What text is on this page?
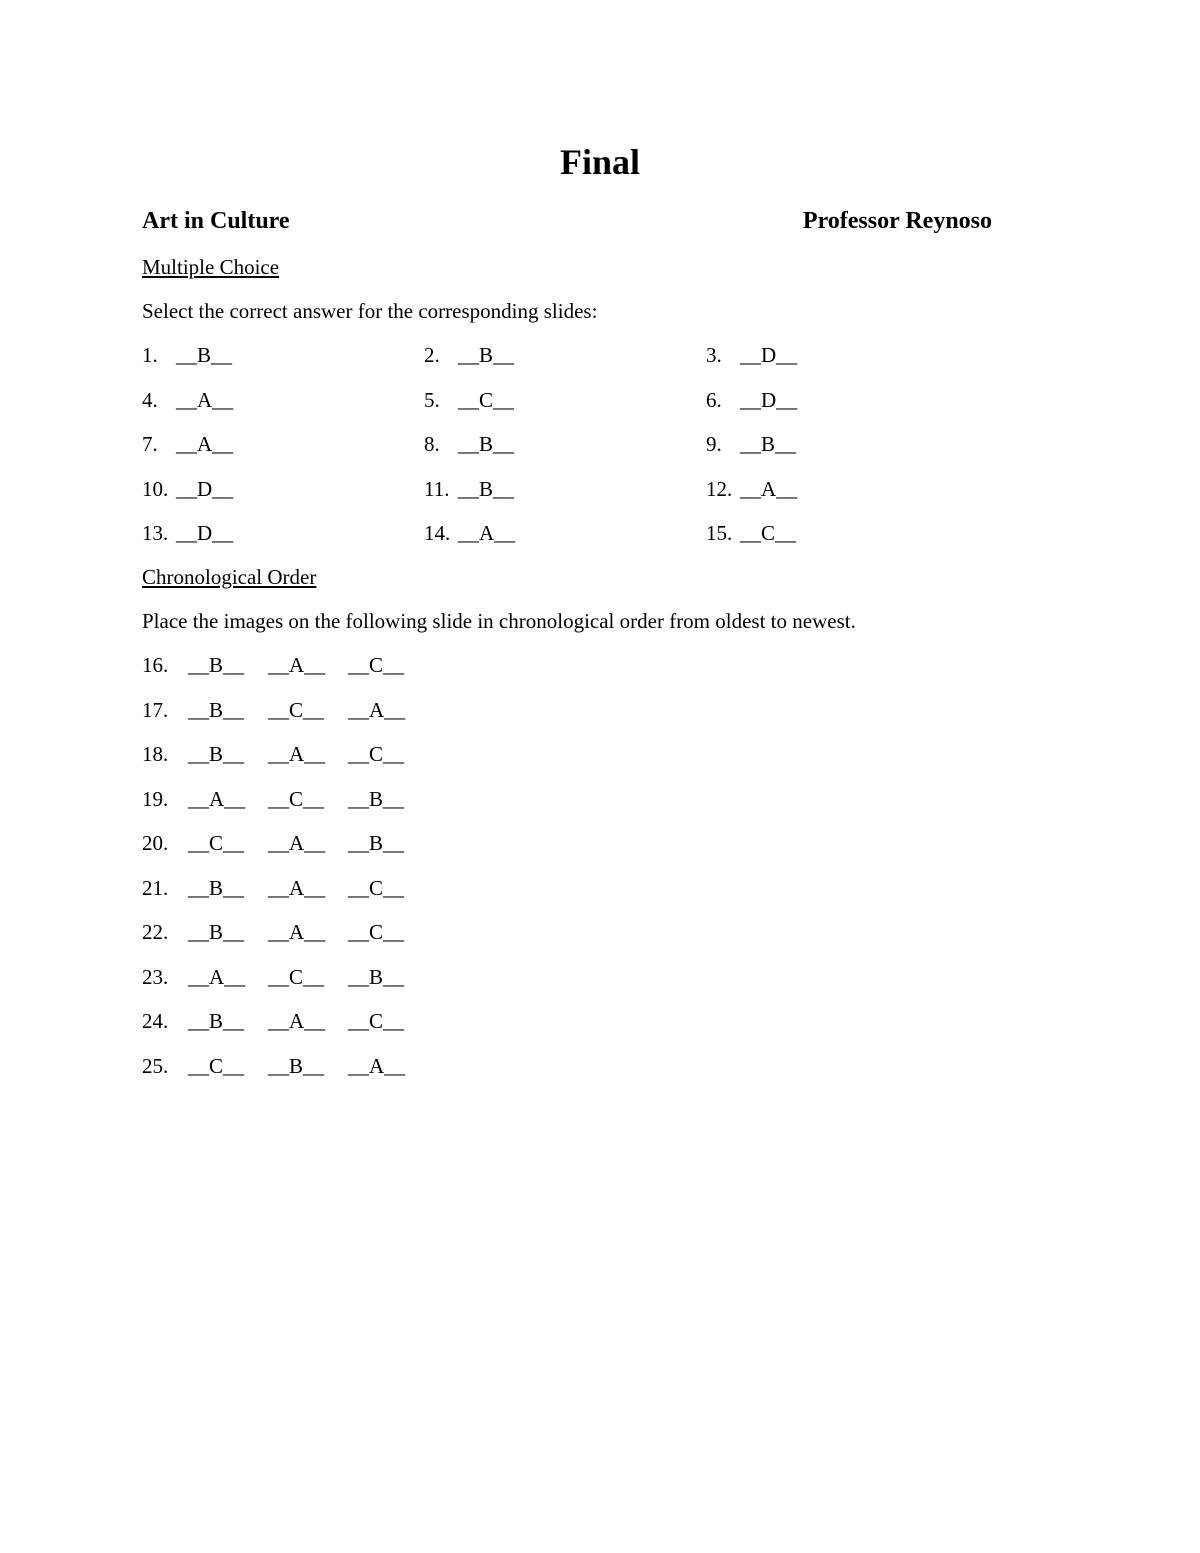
Final
Art in Culture	Professor Reynoso
Multiple Choice
Select the correct answer for the corresponding slides:
1. __B__	2. __B__	3. __D__
4. __A__	5. __C__	6. __D__
7. __A__	8. __B__	9. __B__
10. __D__	11. __B__	12. __A__
13. __D__	14. __A__	15. __C__
Chronological Order
Place the images on the following slide in chronological order from oldest to newest.
16. __B__ __A__ __C__
17. __B__ __C__ __A__
18. __B__ __A__ __C__
19. __A__ __C__ __B__
20. __C__ __A__ __B__
21. __B__ __A__ __C__
22. __B__ __A__ __C__
23. __A__ __C__ __B__
24. __B__ __A__ __C__
25. __C__ __B__ __A__
